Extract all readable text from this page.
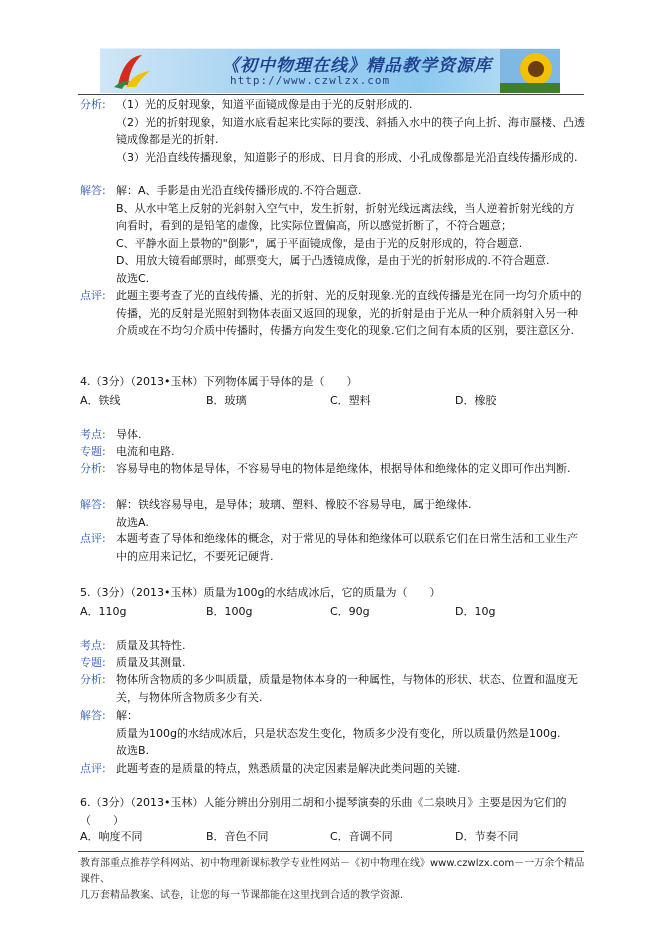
《初中物理在线》精品教学资源库
http://www.czwlzx.com
分析: （1）光的反射现象，知道平面镜成像是由于光的反射形成的.

（2）光的折射现象，知道水底看起来比实际的要浅、斜插入水中的筷子向上折、海市蜃楼、凸透镜成像都是光的折射.

（3）光沿直线传播现象，知道影子的形成、日月食的形成、小孔成像都是光沿直线传播形成的.

解答: 解：A、手影是由光沿直线传播形成的.不符合题意.

B、从水中笔上反射的光斜射入空气中，发生折射，折射光线远离法线，当人逆着折射光线的方向看时，看到的是铅笔的虚像，比实际位置偏高，所以感觉折断了，不符合题意；

C、平静水面上景物的"倒影"，属于平面镜成像，是由于光的反射形成的，符合题意.

D、用放大镜看邮票时，邮票变大，属于凸透镜成像，是由于光的折射形成的.不符合题意.

故选C.

点评: 此题主要考查了光的直线传播、光的折射、光的反射现象.光的直线传播是光在同一均匀介质中的传播，光的反射是光照射到物体表面又返回的现象，光的折射是由于光从一种介质斜射入另一种介质或在不均匀介质中传播时，传播方向发生变化的现象.它们之间有本质的区别，要注意区分.

4.（3分）（2013•玉林）下列物体属于导体的是（　　）
A．铁线	B．玻璃	C．塑料	D．橡胶
考点: 导体.

专题: 电流和电路.

分析: 容易导电的物体是导体，不容易导电的物体是绝缘体，根据导体和绝缘体的定义即可作出判断.

解答: 解：铁线容易导电，是导体；玻璃、塑料、橡胶不容易导电，属于绝缘体.

故选A.

点评: 本题考查了导体和绝缘体的概念，对于常见的导体和绝缘体可以联系它们在日常生活和工业生产中的应用来记忆，不要死记硬背.

5.（3分）（2013•玉林）质量为100g的水结成冰后，它的质量为（　　）
A．110g	B．100g	C．90g	D．10g
考点: 质量及其特性.

专题: 质量及其测量.

分析: 物体所含物质的多少叫质量，质量是物体本身的一种属性，与物体的形状、状态、位置和温度无关，与物体所含物质多少有关.

解答: 解：

质量为100g的水结成冰后，只是状态发生变化，物质多少没有变化，所以质量仍然是100g.

故选B.

点评: 此题考查的是质量的特点，熟悉质量的决定因素是解决此类问题的关键.

6.（3分）（2013•玉林）人能分辨出分别用二胡和小提琴演奏的乐曲《二泉映月》主要是因为它们的（　　）

A．响度不同	B．音色不同	C．音调不同	D．节奏不同
教育部重点推荐学科网站、初中物理新课标教学专业性网站－《初中物理在线》www.czwlzx.com－一万余个精品课件、
几万套精品教案、试卷，让您的每一节课都能在这里找到合适的教学资源.
